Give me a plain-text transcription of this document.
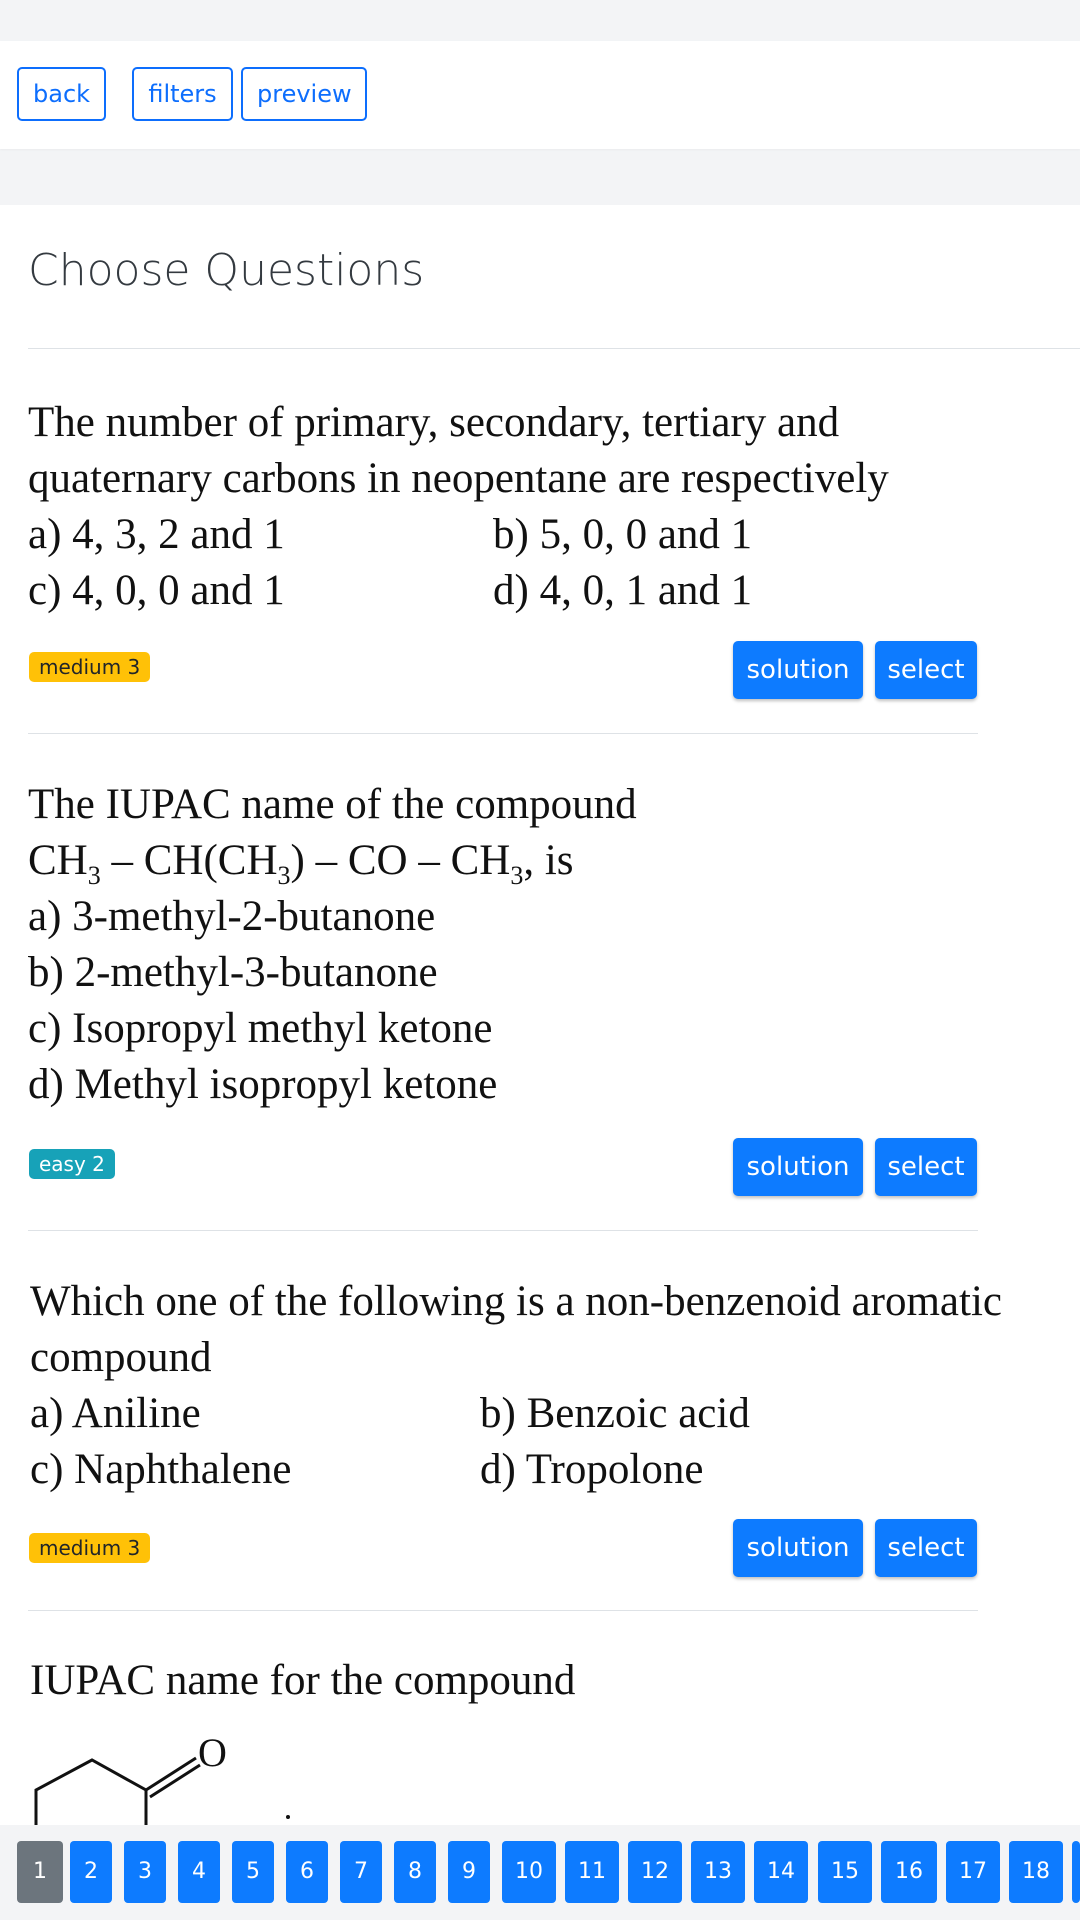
back	filters	preview
Choose Questions
The number of primary, secondary, tertiary and
quaternary carbons in neopentane are respectively
a) 4, 3, 2 and 1	b) 5, 0, 0 and 1
c) 4, 0, 0 and 1	d) 4, 0, 1 and 1
medium 3	solution	select
The IUPAC name of the compound
$CH_3 - CH(CH_3)$ – CO – $CH_3$, is
a) 3-methyl-2-butanone
b) 2-methyl-3-butanone
c) Isopropyl methyl ketone
d) Methyl isopropyl ketone
easy 2	solution	select
Which one of the following is a non-benzenoid aromatic
compound
a) Aniline	b) Benzoic acid
c) Naphthalene	d) Tropolone
medium 3	solution	select
IUPAC name for the compound
O
1	2	3	4	5	6	7	8	9	10	11	12	13	14	15	16	17	18
